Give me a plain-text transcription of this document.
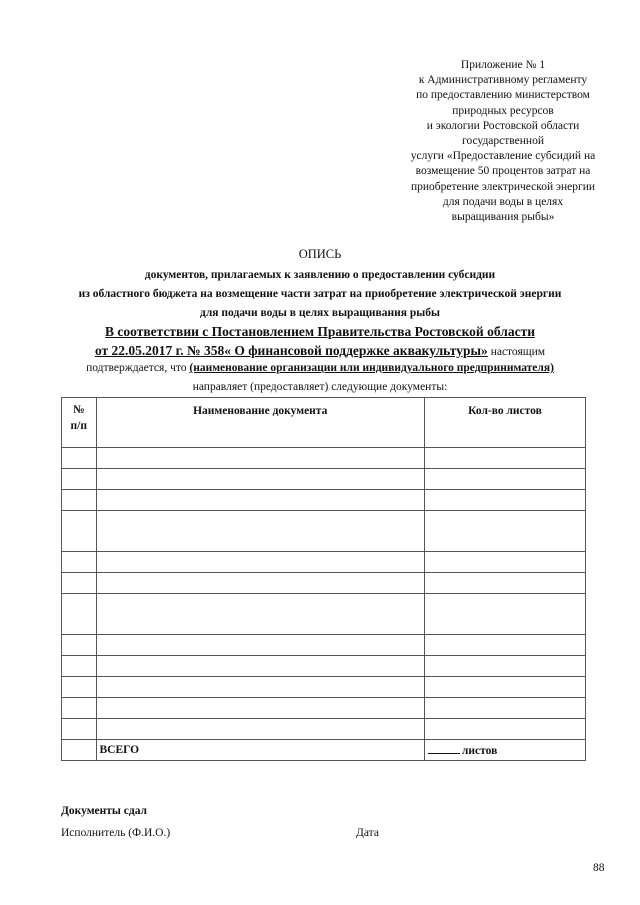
Приложение № 1
к Административному регламенту
по предоставлению министерством
природных ресурсов
и экологии Ростовской области
государственной
услуги «Предоставление субсидий на
возмещение 50 процентов затрат на
приобретение электрической энергии
для подачи воды в целях
выращивания рыбы»
ОПИСЬ
документов, прилагаемых к заявлению о предоставлении субсидии
из областного бюджета на возмещение части затрат на приобретение электрической энергии
для подачи воды в целях выращивания рыбы
В соответствии с Постановлением Правительства Ростовской области
от 22.05.2017 г. № 358« О финансовой поддержке аквакультуры» настоящим
подтверждается, что (наименование организации или индивидуального предпринимателя)
направляет (предоставляет) следующие документы:
№
п/п	Наименование документа	Кол-во листов

	ВСЕГО	листов
Документы сдал
Исполнитель (Ф.И.О.)	Дата
88
